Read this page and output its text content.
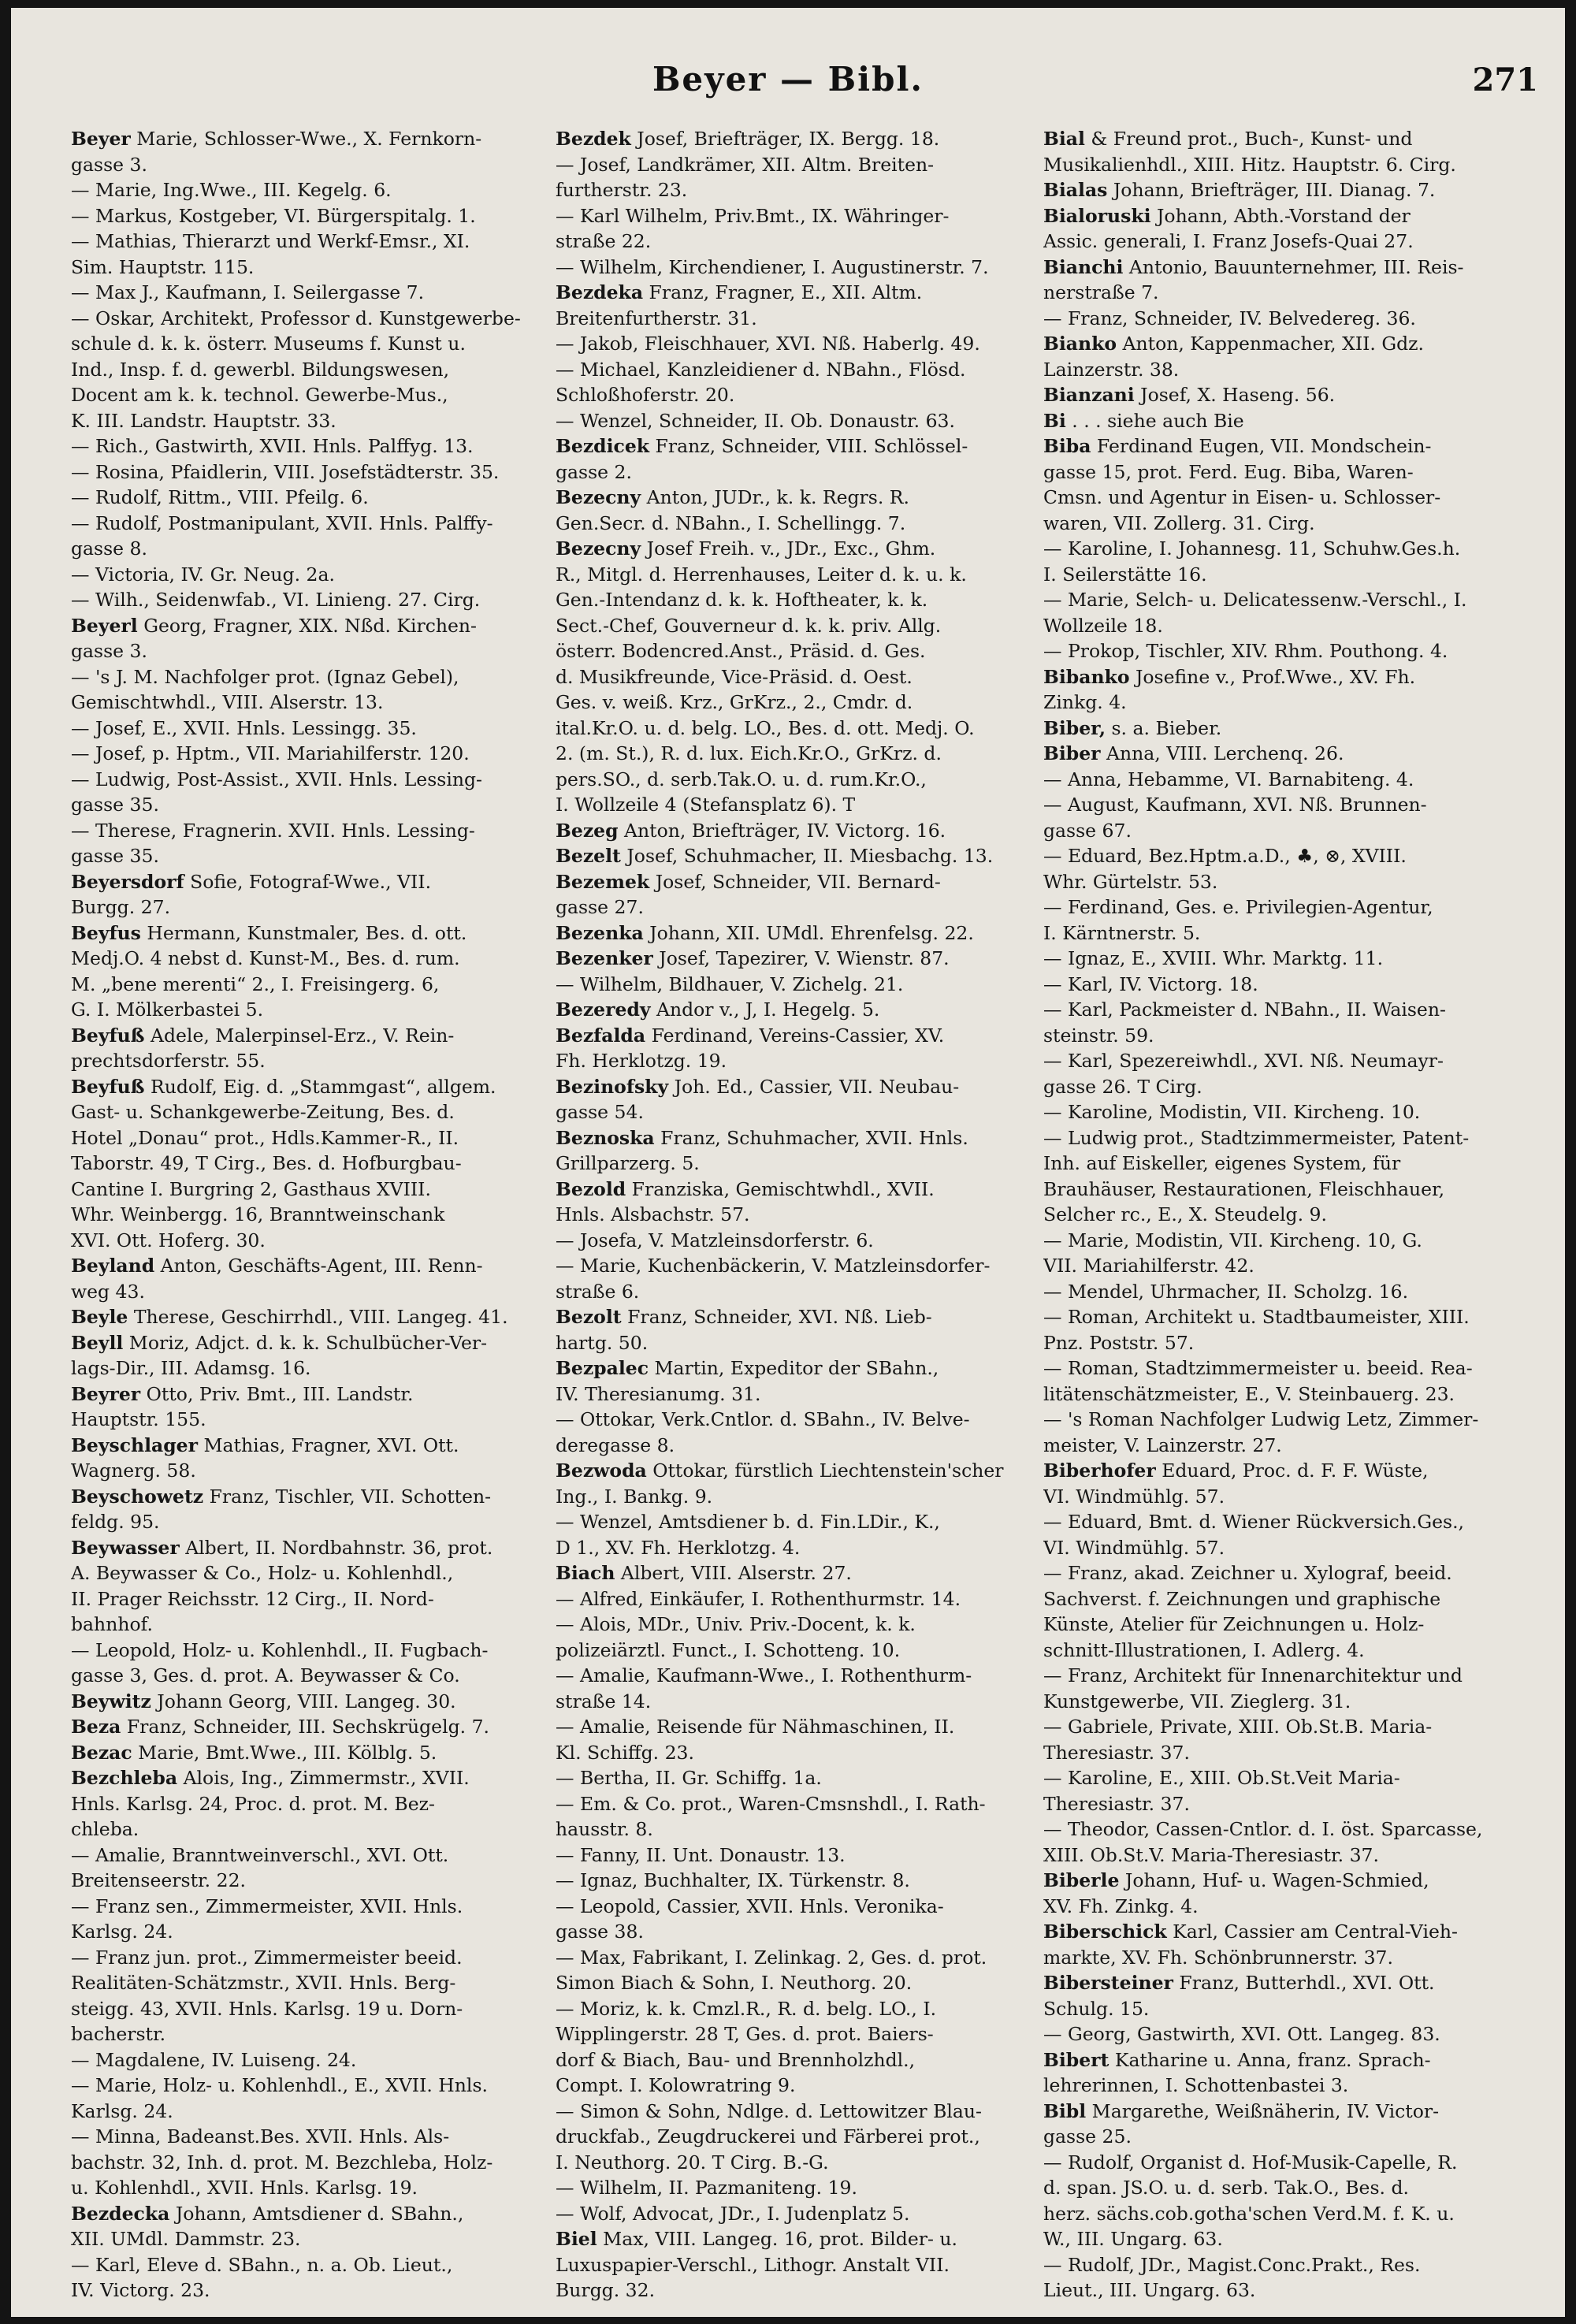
Beyer — Bibl.	271
Beyer Marie, Schlosser-Wwe., X. Fernkorn-
gasse 3.
— Marie, Ing.Wwe., III. Kegelg. 6.
— Markus, Kostgeber, VI. Bürgerspitalg. 1.
— Mathias, Thierarzt und Werkf-Emsr., XI.
Sim. Hauptstr. 115.
— Max J., Kaufmann, I. Seilergasse 7.
— Oskar, Architekt, Professor d. Kunstgewerbe-
schule d. k. k. österr. Museums f. Kunst u.
Ind., Insp. f. d. gewerbl. Bildungswesen,
Docent am k. k. technol. Gewerbe-Mus.,
K. III. Landstr. Hauptstr. 33.
— Rich., Gastwirth, XVII. Hnls. Palffyg. 13.
— Rosina, Pfaidlerin, VIII. Josefstädterstr. 35.
— Rudolf, Rittm., VIII. Pfeilg. 6.
— Rudolf, Postmanipulant, XVII. Hnls. Palffy-
gasse 8.
— Victoria, IV. Gr. Neug. 2a.
— Wilh., Seidenwfab., VI. Linieng. 27. Cirg.
Beyerl Georg, Fragner, XIX. Nßd. Kirchen-
gasse 3.
— 's J. M. Nachfolger prot. (Ignaz Gebel),
Gemischtwhdl., VIII. Alserstr. 13.
— Josef, E., XVII. Hnls. Lessingg. 35.
— Josef, p. Hptm., VII. Mariahilferstr. 120.
— Ludwig, Post-Assist., XVII. Hnls. Lessing-
gasse 35.
— Therese, Fragnerin. XVII. Hnls. Lessing-
gasse 35.
Beyersdorf Sofie, Fotograf-Wwe., VII.
Burgg. 27.
Beyfus Hermann, Kunstmaler, Bes. d. ott.
Medj.O. 4 nebst d. Kunst-M., Bes. d. rum.
M. „bene merenti“ 2., I. Freisingerg. 6,
G. I. Mölkerbastei 5.
Beyfuß Adele, Malerpinsel-Erz., V. Rein-
prechtsdorferstr. 55.
Beyfuß Rudolf, Eig. d. „Stammgast“, allgem.
Gast- u. Schankgewerbe-Zeitung, Bes. d.
Hotel „Donau“ prot., Hdls.Kammer-R., II.
Taborstr. 49, T Cirg., Bes. d. Hofburgbau-
Cantine I. Burgring 2, Gasthaus XVIII.
Whr. Weinbergg. 16, Branntweinschank
XVI. Ott. Hoferg. 30.
Beyland Anton, Geschäfts-Agent, III. Renn-
weg 43.
Beyle Therese, Geschirrhdl., VIII. Langeg. 41.
Beyll Moriz, Adjct. d. k. k. Schulbücher-Ver-
lags-Dir., III. Adamsg. 16.
Beyrer Otto, Priv. Bmt., III. Landstr.
Hauptstr. 155.
Beyschlager Mathias, Fragner, XVI. Ott.
Wagnerg. 58.
Beyschowetz Franz, Tischler, VII. Schotten-
feldg. 95.
Beywasser Albert, II. Nordbahnstr. 36, prot.
A. Beywasser & Co., Holz- u. Kohlenhdl.,
II. Prager Reichsstr. 12 Cirg., II. Nord-
bahnhof.
— Leopold, Holz- u. Kohlenhdl., II. Fugbach-
gasse 3, Ges. d. prot. A. Beywasser & Co.
Beywitz Johann Georg, VIII. Langeg. 30.
Beza Franz, Schneider, III. Sechskrügelg. 7.
Bezac Marie, Bmt.Wwe., III. Kölblg. 5.
Bezchleba Alois, Ing., Zimmermstr., XVII.
Hnls. Karlsg. 24, Proc. d. prot. M. Bez-
chleba.
— Amalie, Branntweinverschl., XVI. Ott.
Breitenseerstr. 22.
— Franz sen., Zimmermeister, XVII. Hnls.
Karlsg. 24.
— Franz jun. prot., Zimmermeister beeid.
Realitäten-Schätzmstr., XVII. Hnls. Berg-
steigg. 43, XVII. Hnls. Karlsg. 19 u. Dorn-
bacherstr.
— Magdalene, IV. Luiseng. 24.
— Marie, Holz- u. Kohlenhdl., E., XVII. Hnls.
Karlsg. 24.
— Minna, Badeanst.Bes. XVII. Hnls. Als-
bachstr. 32, Inh. d. prot. M. Bezchleba, Holz-
u. Kohlenhdl., XVII. Hnls. Karlsg. 19.
Bezdecka Johann, Amtsdiener d. SBahn.,
XII. UMdl. Dammstr. 23.
— Karl, Eleve d. SBahn., n. a. Ob. Lieut.,
IV. Victorg. 23.
Bezdek Josef, Briefträger, IX. Bergg. 18.
— Josef, Landkrämer, XII. Altm. Breiten-
furtherstr. 23.
— Karl Wilhelm, Priv.Bmt., IX. Währinger-
straße 22.
— Wilhelm, Kirchendiener, I. Augustinerstr. 7.
Bezdeka Franz, Fragner, E., XII. Altm.
Breitenfurtherstr. 31.
— Jakob, Fleischhauer, XVI. Nß. Haberlg. 49.
— Michael, Kanzleidiener d. NBahn., Flösd.
Schloßhoferstr. 20.
— Wenzel, Schneider, II. Ob. Donaustr. 63.
Bezdicek Franz, Schneider, VIII. Schlössel-
gasse 2.
Bezecny Anton, JUDr., k. k. Regrs. R.
Gen.Secr. d. NBahn., I. Schellingg. 7.
Bezecny Josef Freih. v., JDr., Exc., Ghm.
R., Mitgl. d. Herrenhauses, Leiter d. k. u. k.
Gen.-Intendanz d. k. k. Hoftheater, k. k.
Sect.-Chef, Gouverneur d. k. k. priv. Allg.
österr. Bodencred.Anst., Präsid. d. Ges.
d. Musikfreunde, Vice-Präsid. d. Oest.
Ges. v. weiß. Krz., GrKrz., 2., Cmdr. d.
ital.Kr.O. u. d. belg. LO., Bes. d. ott. Medj. O.
2. (m. St.), R. d. lux. Eich.Kr.O., GrKrz. d.
pers.SO., d. serb.Tak.O. u. d. rum.Kr.O.,
I. Wollzeile 4 (Stefansplatz 6). T
Bezeg Anton, Briefträger, IV. Victorg. 16.
Bezelt Josef, Schuhmacher, II. Miesbachg. 13.
Bezemek Josef, Schneider, VII. Bernard-
gasse 27.
Bezenka Johann, XII. UMdl. Ehrenfelsg. 22.
Bezenker Josef, Tapezirer, V. Wienstr. 87.
— Wilhelm, Bildhauer, V. Zichelg. 21.
Bezeredy Andor v., J, I. Hegelg. 5.
Bezfalda Ferdinand, Vereins-Cassier, XV.
Fh. Herklotzg. 19.
Bezinofsky Joh. Ed., Cassier, VII. Neubau-
gasse 54.
Beznoska Franz, Schuhmacher, XVII. Hnls.
Grillparzerg. 5.
Bezold Franziska, Gemischtwhdl., XVII.
Hnls. Alsbachstr. 57.
— Josefa, V. Matzleinsdorferstr. 6.
— Marie, Kuchenbäckerin, V. Matzleinsdorfer-
straße 6.
Bezolt Franz, Schneider, XVI. Nß. Lieb-
hartg. 50.
Bezpalec Martin, Expeditor der SBahn.,
IV. Theresianumg. 31.
— Ottokar, Verk.Cntlor. d. SBahn., IV. Belve-
deregasse 8.
Bezwoda Ottokar, fürstlich Liechtenstein'scher
Ing., I. Bankg. 9.
— Wenzel, Amtsdiener b. d. Fin.LDir., K.,
D 1., XV. Fh. Herklotzg. 4.
Biach Albert, VIII. Alserstr. 27.
— Alfred, Einkäufer, I. Rothenthurmstr. 14.
— Alois, MDr., Univ. Priv.-Docent, k. k.
polizeiärztl. Funct., I. Schotteng. 10.
— Amalie, Kaufmann-Wwe., I. Rothenthurm-
straße 14.
— Amalie, Reisende für Nähmaschinen, II.
Kl. Schiffg. 23.
— Bertha, II. Gr. Schiffg. 1a.
— Em. & Co. prot., Waren-Cmsnshdl., I. Rath-
hausstr. 8.
— Fanny, II. Unt. Donaustr. 13.
— Ignaz, Buchhalter, IX. Türkenstr. 8.
— Leopold, Cassier, XVII. Hnls. Veronika-
gasse 38.
— Max, Fabrikant, I. Zelinkag. 2, Ges. d. prot.
Simon Biach & Sohn, I. Neuthorg. 20.
— Moriz, k. k. Cmzl.R., R. d. belg. LO., I.
Wipplingerstr. 28 T, Ges. d. prot. Baiers-
dorf & Biach, Bau- und Brennholzhdl.,
Compt. I. Kolowratring 9.
— Simon & Sohn, Ndlge. d. Lettowitzer Blau-
druckfab., Zeugdruckerei und Färberei prot.,
I. Neuthorg. 20. T Cirg. B.-G.
— Wilhelm, II. Pazmaniteng. 19.
— Wolf, Advocat, JDr., I. Judenplatz 5.
Biel Max, VIII. Langeg. 16, prot. Bilder- u.
Luxuspapier-Verschl., Lithogr. Anstalt VII.
Burgg. 32.
Bial & Freund prot., Buch-, Kunst- und
Musikalienhdl., XIII. Hitz. Hauptstr. 6. Cirg.
Bialas Johann, Briefträger, III. Dianag. 7.
Bialoruski Johann, Abth.-Vorstand der
Assic. generali, I. Franz Josefs-Quai 27.
Bianchi Antonio, Bauunternehmer, III. Reis-
nerstraße 7.
— Franz, Schneider, IV. Belvedereg. 36.
Bianko Anton, Kappenmacher, XII. Gdz.
Lainzerstr. 38.
Bianzani Josef, X. Haseng. 56.
Bi . . . siehe auch Bie
Biba Ferdinand Eugen, VII. Mondschein-
gasse 15, prot. Ferd. Eug. Biba, Waren-
Cmsn. und Agentur in Eisen- u. Schlosser-
waren, VII. Zollerg. 31. Cirg.
— Karoline, I. Johannesg. 11, Schuhw.Ges.h.
I. Seilerstätte 16.
— Marie, Selch- u. Delicatessenw.-Verschl., I.
Wollzeile 18.
— Prokop, Tischler, XIV. Rhm. Pouthong. 4.
Bibanko Josefine v., Prof.Wwe., XV. Fh.
Zinkg. 4.
Biber, s. a. Bieber.
Biber Anna, VIII. Lerchenq. 26.
— Anna, Hebamme, VI. Barnabiteng. 4.
— August, Kaufmann, XVI. Nß. Brunnen-
gasse 67.
— Eduard, Bez.Hptm.a.D., ♣, ⊗, XVIII.
Whr. Gürtelstr. 53.
— Ferdinand, Ges. e. Privilegien-Agentur,
I. Kärntnerstr. 5.
— Ignaz, E., XVIII. Whr. Marktg. 11.
— Karl, IV. Victorg. 18.
— Karl, Packmeister d. NBahn., II. Waisen-
steinstr. 59.
— Karl, Spezereiwhdl., XVI. Nß. Neumayr-
gasse 26. T Cirg.
— Karoline, Modistin, VII. Kircheng. 10.
— Ludwig prot., Stadtzimmermeister, Patent-
Inh. auf Eiskeller, eigenes System, für
Brauhäuser, Restaurationen, Fleischhauer,
Selcher rc., E., X. Steudelg. 9.
— Marie, Modistin, VII. Kircheng. 10, G.
VII. Mariahilferstr. 42.
— Mendel, Uhrmacher, II. Scholzg. 16.
— Roman, Architekt u. Stadtbaumeister, XIII.
Pnz. Poststr. 57.
— Roman, Stadtzimmermeister u. beeid. Rea-
litätenschätzmeister, E., V. Steinbauerg. 23.
— 's Roman Nachfolger Ludwig Letz, Zimmer-
meister, V. Lainzerstr. 27.
Biberhofer Eduard, Proc. d. F. F. Wüste,
VI. Windmühlg. 57.
— Eduard, Bmt. d. Wiener Rückversich.Ges.,
VI. Windmühlg. 57.
— Franz, akad. Zeichner u. Xylograf, beeid.
Sachverst. f. Zeichnungen und graphische
Künste, Atelier für Zeichnungen u. Holz-
schnitt-Illustrationen, I. Adlerg. 4.
— Franz, Architekt für Innenarchitektur und
Kunstgewerbe, VII. Zieglerg. 31.
— Gabriele, Private, XIII. Ob.St.B. Maria-
Theresiastr. 37.
— Karoline, E., XIII. Ob.St.Veit Maria-
Theresiastr. 37.
— Theodor, Cassen-Cntlor. d. I. öst. Sparcasse,
XIII. Ob.St.V. Maria-Theresiastr. 37.
Biberle Johann, Huf- u. Wagen-Schmied,
XV. Fh. Zinkg. 4.
Biberschick Karl, Cassier am Central-Vieh-
markte, XV. Fh. Schönbrunnerstr. 37.
Bibersteiner Franz, Butterhdl., XVI. Ott.
Schulg. 15.
— Georg, Gastwirth, XVI. Ott. Langeg. 83.
Bibert Katharine u. Anna, franz. Sprach-
lehrerinnen, I. Schottenbastei 3.
Bibl Margarethe, Weißnäherin, IV. Victor-
gasse 25.
— Rudolf, Organist d. Hof-Musik-Capelle, R.
d. span. JS.O. u. d. serb. Tak.O., Bes. d.
herz. sächs.cob.gotha'schen Verd.M. f. K. u.
W., III. Ungarg. 63.
— Rudolf, JDr., Magist.Conc.Prakt., Res.
Lieut., III. Ungarg. 63.
